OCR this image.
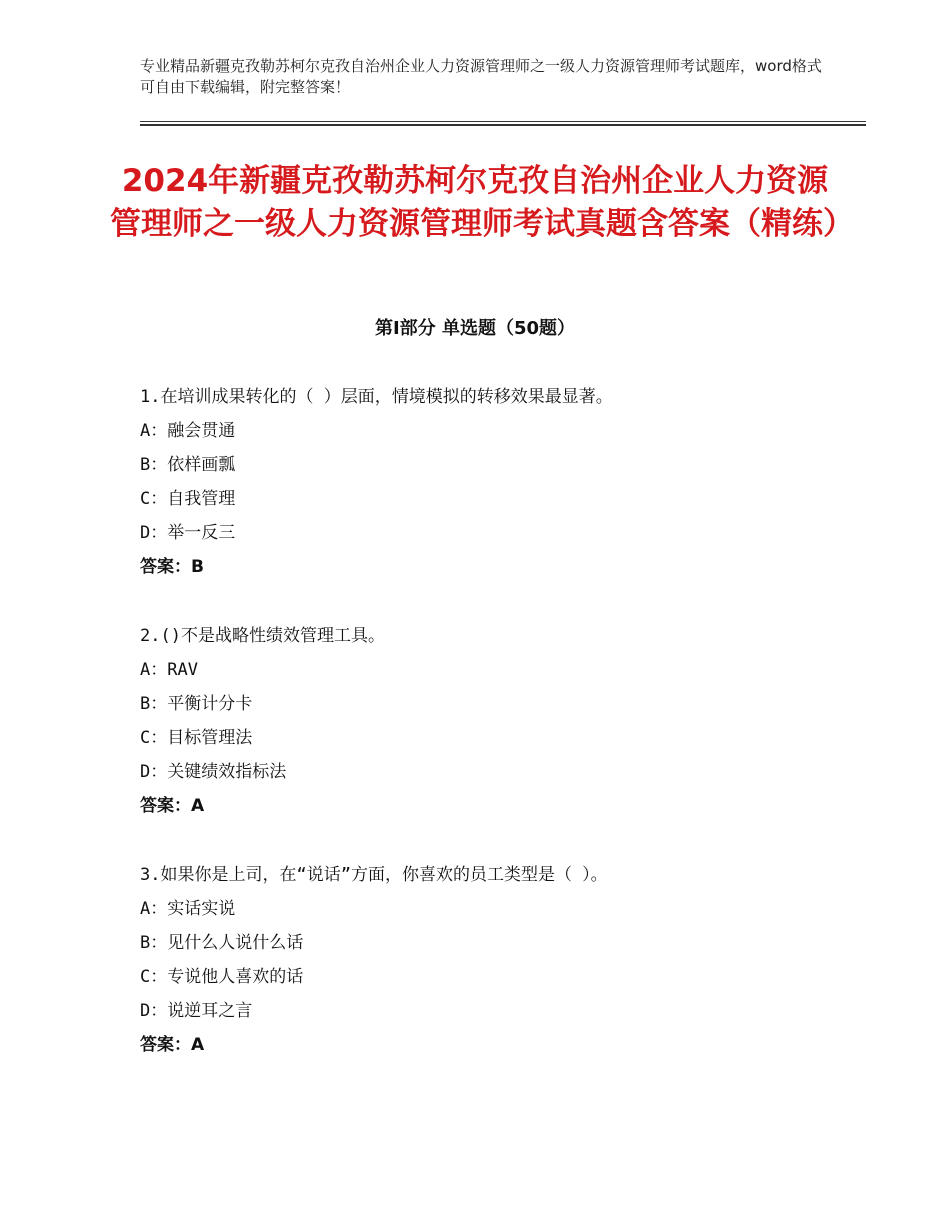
专业精品新疆克孜勒苏柯尔克孜自治州企业人力资源管理师之一级人力资源管理师考试题库，word格式可自由下载编辑，附完整答案！
2024年新疆克孜勒苏柯尔克孜自治州企业人力资源管理师之一级人力资源管理师考试真题含答案（精练）
第Ⅰ部分 单选题（50题）
1.在培训成果转化的（ ）层面，情境模拟的转移效果最显著。
A：融会贯通
B：依样画瓢
C：自我管理
D：举一反三
答案：B
2.()不是战略性绩效管理工具。
A：RAV
B：平衡计分卡
C：目标管理法
D：关键绩效指标法
答案：A
3.如果你是上司，在“说话”方面，你喜欢的员工类型是（ ）。
A：实话实说
B：见什么人说什么话
C：专说他人喜欢的话
D：说逆耳之言
答案：A
